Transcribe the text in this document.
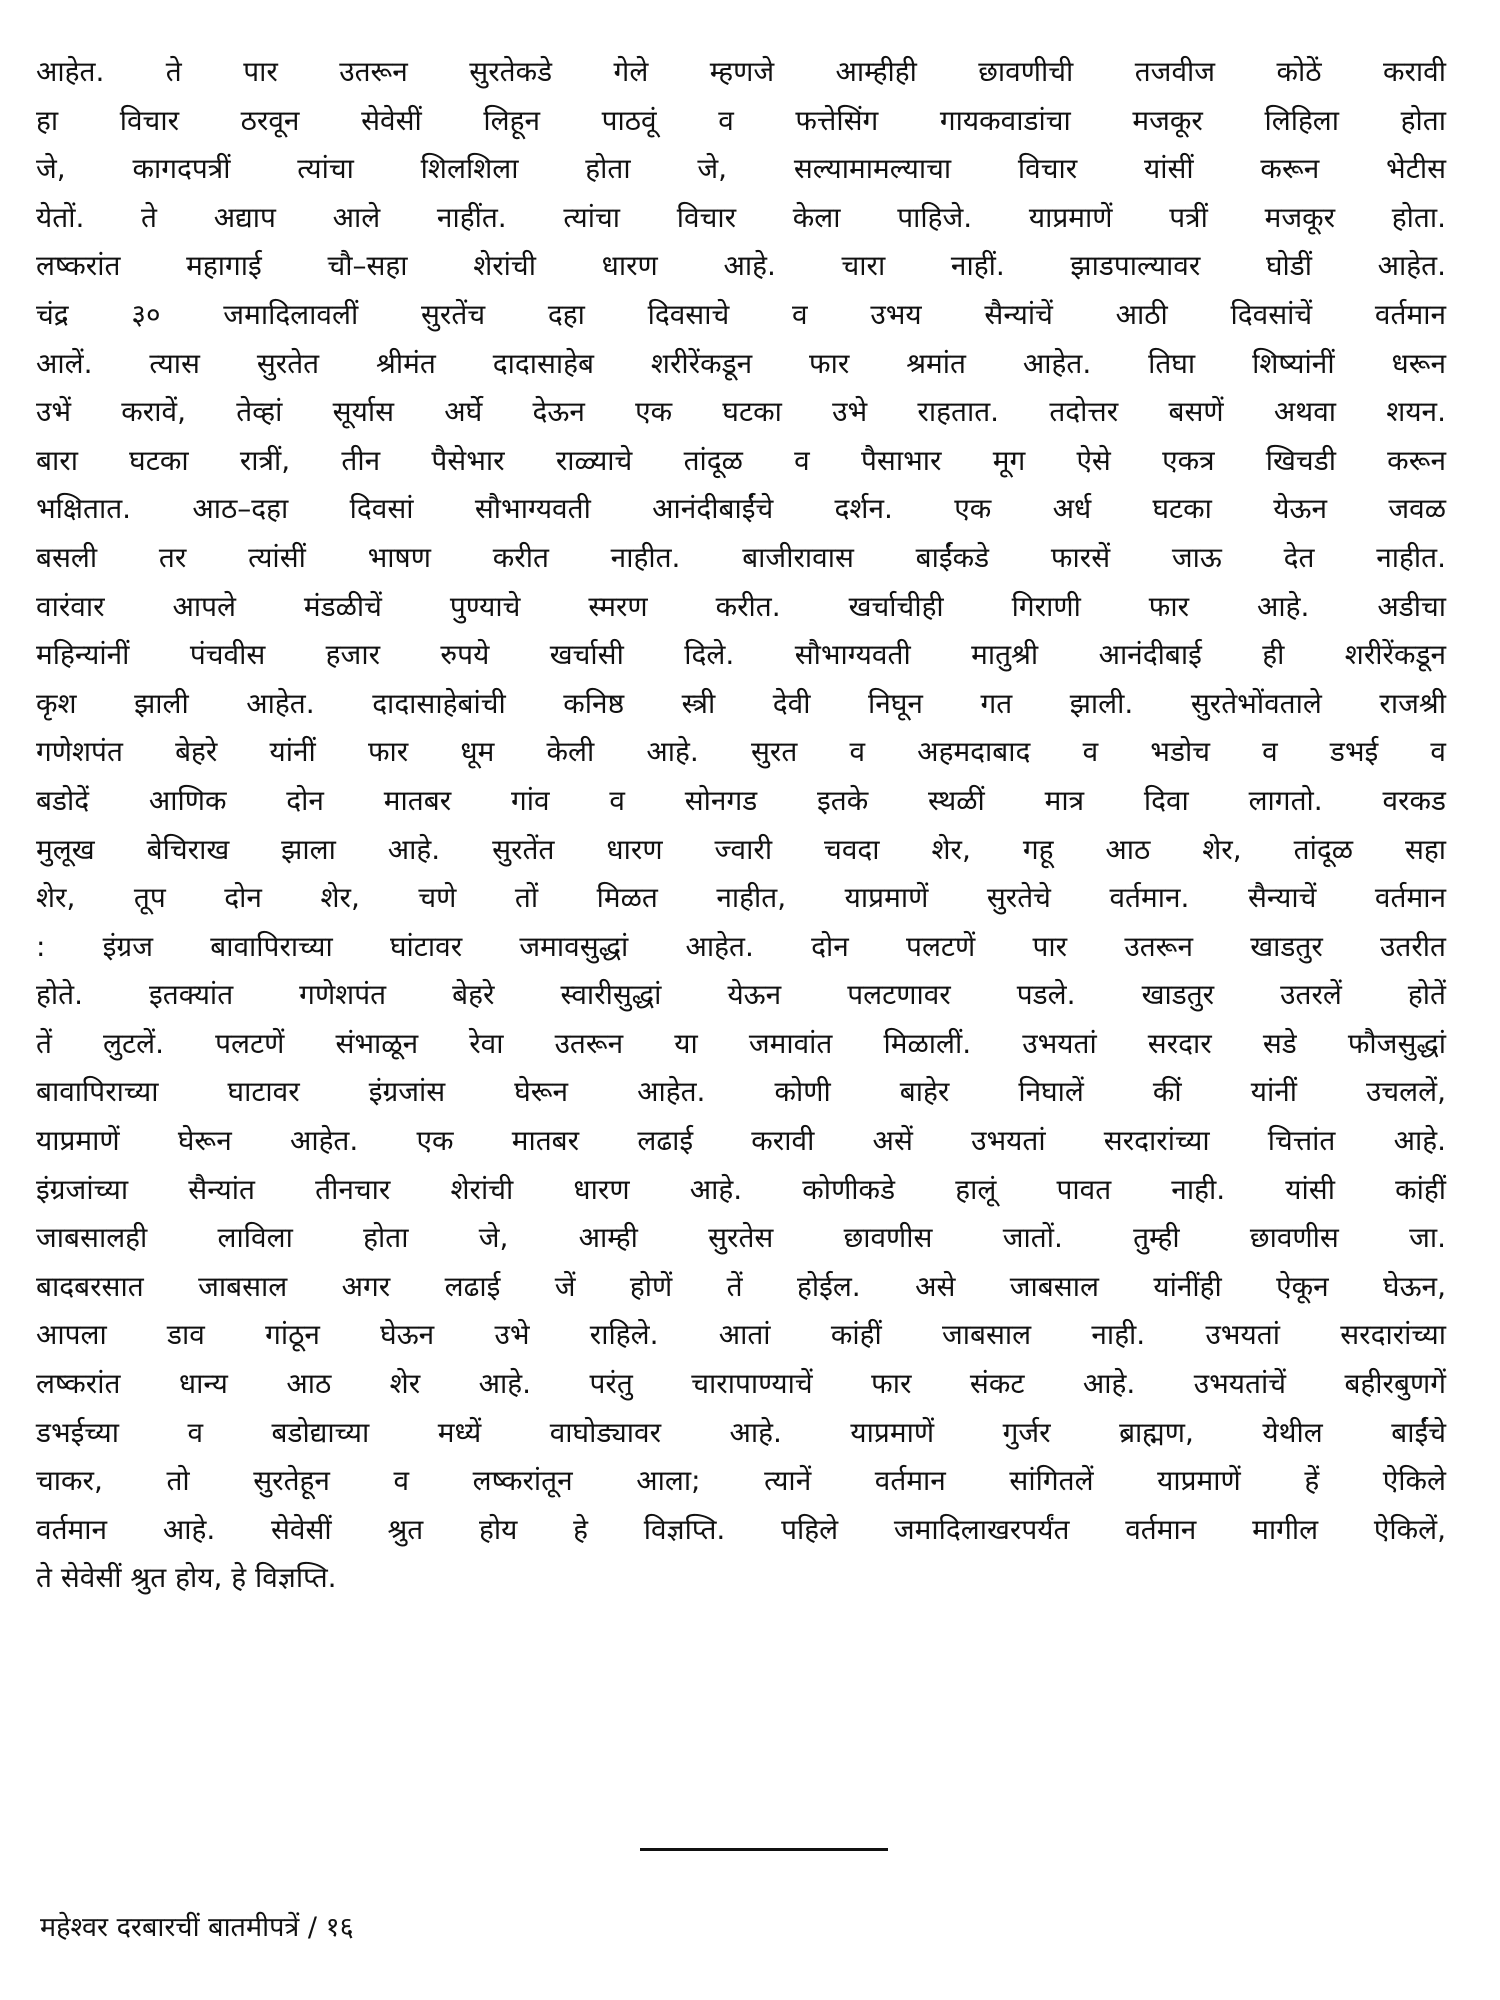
आहेत. ते पार उतरून सुरतेकडे गेले म्हणजे आम्हीही छावणीची तजवीज कोठें करावी
हा विचार ठरवून सेवेसीं लिहून पाठवूं व फत्तेसिंग गायकवाडांचा मजकूर लिहिला होता
जे, कागदपत्रीं त्यांचा शिलशिला होता जे, सल्यामामल्याचा विचार यांसीं करून भेटीस
येतों. ते अद्याप आले नाहींत. त्यांचा विचार केला पाहिजे. याप्रमाणें पत्रीं मजकूर होता.
लष्करांत महागाई चौ–सहा शेरांची धारण आहे. चारा नाहीं. झाडपाल्यावर घोडीं आहेत.
चंद्र ३० जमादिलावलीं सुरतेंच दहा दिवसाचे व उभय सैन्यांचें आठी दिवसांचें वर्तमान
आलें. त्यास सुरतेत श्रीमंत दादासाहेब शरीरेंकडून फार श्रमांत आहेत. तिघा शिष्यांनीं धरून
उभें करावें, तेव्हां सूर्यास अर्घे देऊन एक घटका उभे राहतात. तदोत्तर बसणें अथवा शयन.
बारा घटका रात्रीं, तीन पैसेभार राळ्याचे तांदूळ व पैसाभार मूग ऐसे एकत्र खिचडी करून
भक्षितात. आठ–दहा दिवसां सौभाग्यवती आनंदीबाईंचे दर्शन. एक अर्ध घटका येऊन जवळ
बसली तर त्यांसीं भाषण करीत नाहीत. बाजीरावास बाईंकडे फारसें जाऊ देत नाहीत.
वारंवार आपले मंडळीचें पुण्याचे स्मरण करीत. खर्चाचीही गिराणी फार आहे. अडीचा
महिन्यांनीं पंचवीस हजार रुपये खर्चासी दिले. सौभाग्यवती मातुश्री आनंदीबाई ही शरीरेंकडून
कृश झाली आहेत. दादासाहेबांची कनिष्ठ स्त्री देवी निघून गत झाली. सुरतेभोंवताले राजश्री
गणेशपंत बेहरे यांनीं फार धूम केली आहे. सुरत व अहमदाबाद व भडोच व डभई व
बडोदें आणिक दोन मातबर गांव व सोनगड इतके स्थळीं मात्र दिवा लागतो. वरकड
मुलूख बेचिराख झाला आहे. सुरतेंत धारण ज्वारी चवदा शेर, गहू आठ शेर, तांदूळ सहा
शेर, तूप दोन शेर, चणे तों मिळत नाहीत, याप्रमाणें सुरतेचे वर्तमान. सैन्याचें वर्तमान
: इंग्रज बावापिराच्या घांटावर जमावसुद्धां आहेत. दोन पलटणें पार उतरून खाडतुर उतरीत
होते. इतक्यांत गणेशपंत बेहरे स्वारीसुद्धां येऊन पलटणावर पडले. खाडतुर उतरलें होतें
तें लुटलें. पलटणें संभाळून रेवा उतरून या जमावांत मिळालीं. उभयतां सरदार सडे फौजसुद्धां
बावापिराच्या घाटावर इंग्रजांस घेरून आहेत. कोणी बाहेर निघालें कीं यांनीं उचललें,
याप्रमाणें घेरून आहेत. एक मातबर लढाई करावी असें उभयतां सरदारांच्या चित्तांत आहे.
इंग्रजांच्या सैन्यांत तीनचार शेरांची धारण आहे. कोणीकडे हालूं पावत नाही. यांसी कांहीं
जाबसालही लाविला होता जे, आम्ही सुरतेस छावणीस जातों. तुम्ही छावणीस जा.
बादबरसात जाबसाल अगर लढाई जें होणें तें होईल. असे जाबसाल यांनींही ऐकून घेऊन,
आपला डाव गांठून घेऊन उभे राहिले. आतां कांहीं जाबसाल नाही. उभयतां सरदारांच्या
लष्करांत धान्य आठ शेर आहे. परंतु चारापाण्याचें फार संकट आहे. उभयतांचें बहीरबुणगें
डभईच्या व बडोद्याच्या मध्यें वाघोड्यावर आहे. याप्रमाणें गुर्जर ब्राह्मण, येथील बाईंचे
चाकर, तो सुरतेहून व लष्करांतून आला; त्यानें वर्तमान सांगितलें याप्रमाणें हें ऐकिले
वर्तमान आहे. सेवेसीं श्रुत होय हे विज्ञप्ति. पहिले जमादिलाखरपर्यंत वर्तमान मागील ऐकिलें,
ते सेवेसीं श्रुत होय, हे विज्ञप्ति.
महेश्वर दरबारचीं बातमीपत्रें / १६
